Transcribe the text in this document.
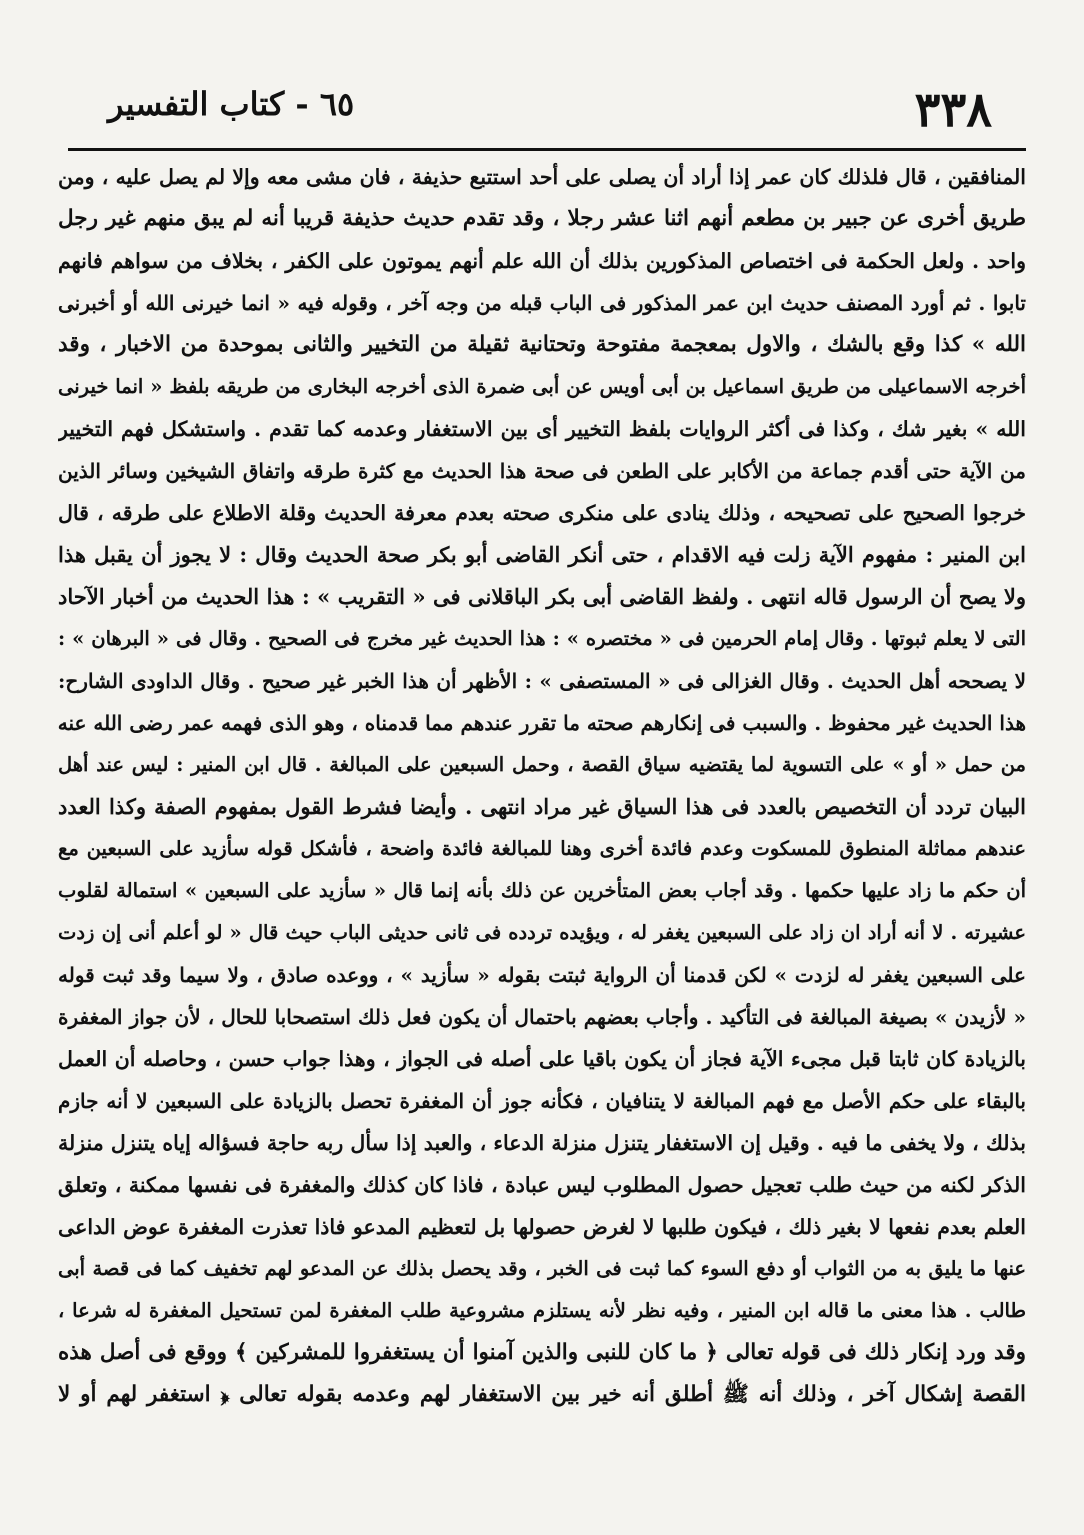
٣٣٨
٦٥ - كتاب التفسير
المنافقين ، قال فلذلك كان عمر إذا أراد أن يصلى على أحد استتبع حذيفة ، فان مشى معه وإلا لم يصل عليه ، ومن
طريق أخرى عن جبير بن مطعم أنهم اثنا عشر رجلا ، وقد تقدم حديث حذيفة قريبا أنه لم يبق منهم غير رجل
واحد . ولعل الحكمة فى اختصاص المذكورين بذلك أن الله علم أنهم يموتون على الكفر ، بخلاف من سواهم فانهم
تابوا . ثم أورد المصنف حديث ابن عمر المذكور فى الباب قبله من وجه آخر ، وقوله فيه « انما خيرنى الله أو أخبرنى
الله » كذا وقع بالشك ، والاول بمعجمة مفتوحة وتحتانية ثقيلة من التخيير والثانى بموحدة من الاخبار ، وقد
أخرجه الاسماعيلى من طريق اسماعيل بن أبى أويس عن أبى ضمرة الذى أخرجه البخارى من طريقه بلفظ « انما خيرنى
الله » بغير شك ، وكذا فى أكثر الروايات بلفظ التخيير أى بين الاستغفار وعدمه كما تقدم . واستشكل فهم التخيير
من الآية حتى أقدم جماعة من الأكابر على الطعن فى صحة هذا الحديث مع كثرة طرقه واتفاق الشيخين وسائر الذين
خرجوا الصحيح على تصحيحه ، وذلك ينادى على منكرى صحته بعدم معرفة الحديث وقلة الاطلاع على طرقه ، قال
ابن المنير : مفهوم الآية زلت فيه الاقدام ، حتى أنكر القاضى أبو بكر صحة الحديث وقال : لا يجوز أن يقبل هذا
ولا يصح أن الرسول قاله انتهى . ولفظ القاضى أبى بكر الباقلانى فى « التقريب » : هذا الحديث من أخبار الآحاد
التى لا يعلم ثبوتها . وقال إمام الحرمين فى « مختصره » : هذا الحديث غير مخرج فى الصحيح . وقال فى « البرهان » :
لا يصححه أهل الحديث . وقال الغزالى فى « المستصفى » : الأظهر أن هذا الخبر غير صحيح . وقال الداودى الشارح:
هذا الحديث غير محفوظ . والسبب فى إنكارهم صحته ما تقرر عندهم مما قدمناه ، وهو الذى فهمه عمر رضى الله عنه
من حمل « أو » على التسوية لما يقتضيه سياق القصة ، وحمل السبعين على المبالغة . قال ابن المنير : ليس عند أهل
البيان تردد أن التخصيص بالعدد فى هذا السياق غير مراد انتهى . وأيضا فشرط القول بمفهوم الصفة وكذا العدد
عندهم مماثلة المنطوق للمسكوت وعدم فائدة أخرى وهنا للمبالغة فائدة واضحة ، فأشكل قوله سأزيد على السبعين مع
أن حكم ما زاد عليها حكمها . وقد أجاب بعض المتأخرين عن ذلك بأنه إنما قال « سأزيد على السبعين » استمالة لقلوب
عشيرته . لا أنه أراد ان زاد على السبعين يغفر له ، ويؤيده تردده فى ثانى حديثى الباب حيث قال « لو أعلم أنى إن زدت
على السبعين يغفر له لزدت » لكن قدمنا أن الرواية ثبتت بقوله « سأزيد » ، ووعده صادق ، ولا سيما وقد ثبت قوله
« لأزيدن » بصيغة المبالغة فى التأكيد . وأجاب بعضهم باحتمال أن يكون فعل ذلك استصحابا للحال ، لأن جواز المغفرة
بالزيادة كان ثابتا قبل مجىء الآية فجاز أن يكون باقيا على أصله فى الجواز ، وهذا جواب حسن ، وحاصله أن العمل
بالبقاء على حكم الأصل مع فهم المبالغة لا يتنافيان ، فكأنه جوز أن المغفرة تحصل بالزيادة على السبعين لا أنه جازم
بذلك ، ولا يخفى ما فيه . وقيل إن الاستغفار يتنزل منزلة الدعاء ، والعبد إذا سأل ربه حاجة فسؤاله إياه يتنزل منزلة
الذكر لكنه من حيث طلب تعجيل حصول المطلوب ليس عبادة ، فاذا كان كذلك والمغفرة فى نفسها ممكنة ، وتعلق
العلم بعدم نفعها لا بغير ذلك ، فيكون طلبها لا لغرض حصولها بل لتعظيم المدعو فاذا تعذرت المغفرة عوض الداعى
عنها ما يليق به من الثواب أو دفع السوء كما ثبت فى الخبر ، وقد يحصل بذلك عن المدعو لهم تخفيف كما فى قصة أبى
طالب . هذا معنى ما قاله ابن المنير ، وفيه نظر لأنه يستلزم مشروعية طلب المغفرة لمن تستحيل المغفرة له شرعا ،
وقد ورد إنكار ذلك فى قوله تعالى ﴿ ما كان للنبى والذين آمنوا أن يستغفروا للمشركين ﴾ ووقع فى أصل هذه
القصة إشكال آخر ، وذلك أنه ﷺ أطلق أنه خير بين الاستغفار لهم وعدمه بقوله تعالى ﴿ استغفر لهم أو لا
